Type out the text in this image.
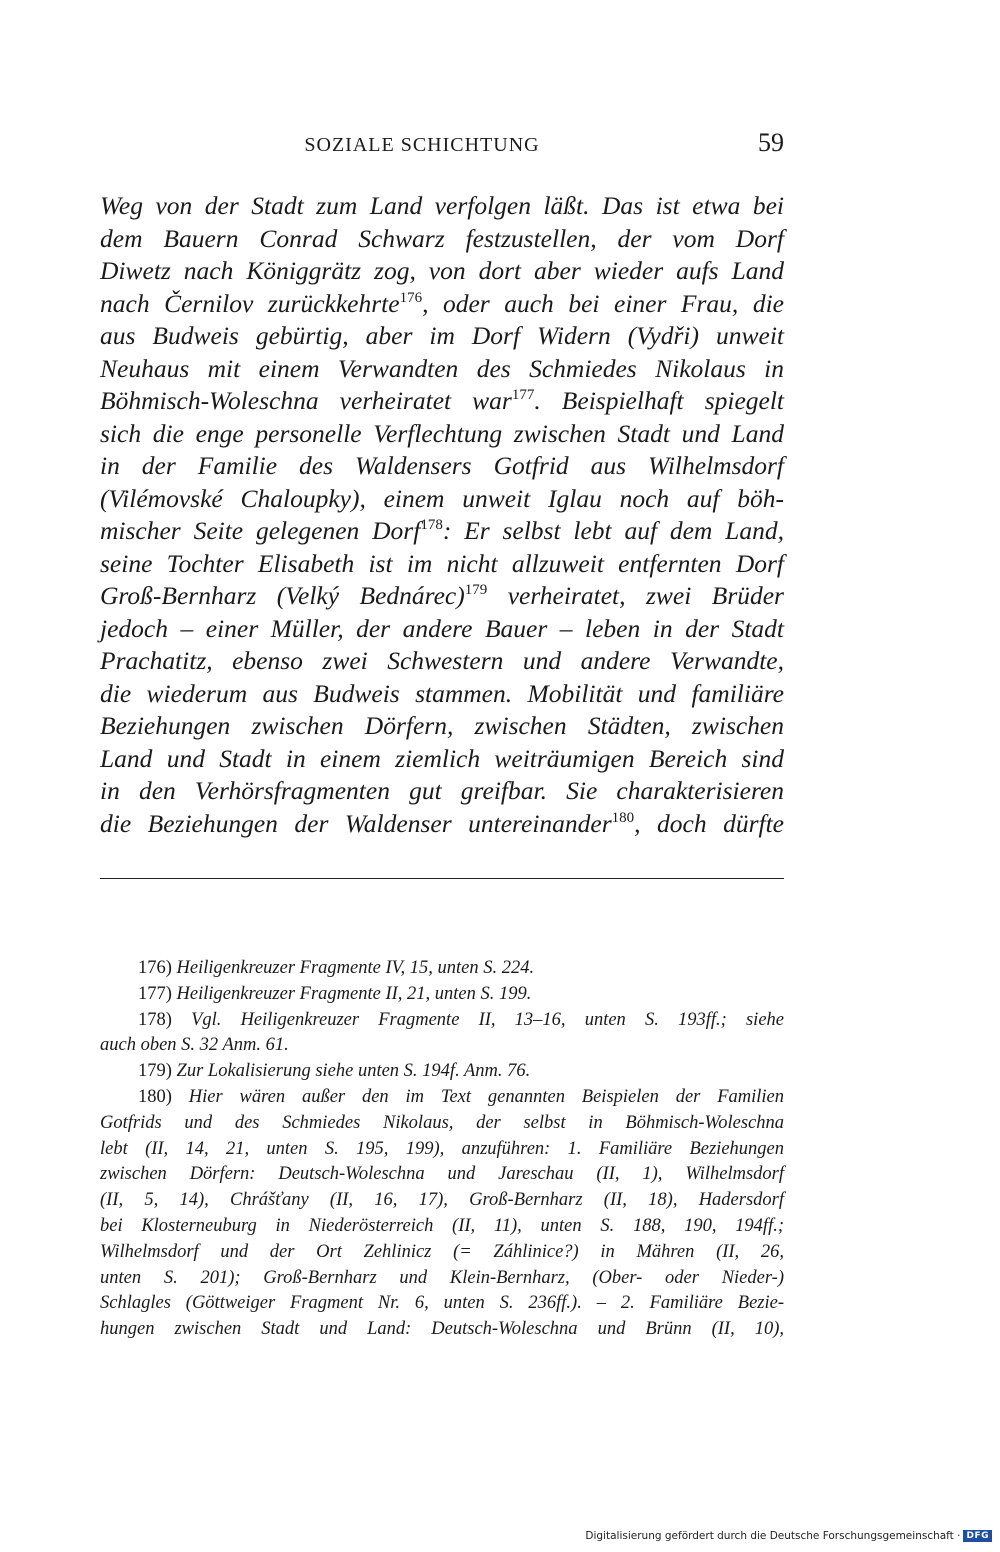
SOZIALE SCHICHTUNG	59
Weg von der Stadt zum Land verfolgen läßt. Das ist etwa bei
dem Bauern Conrad Schwarz festzustellen, der vom Dorf
Diwetz nach Königgrätz zog, von dort aber wieder aufs Land
nach Černilov zurückkehrte$^{176}$, oder auch bei einer Frau, die
aus Budweis gebürtig, aber im Dorf Widern (Vydři) unweit
Neuhaus mit einem Verwandten des Schmiedes Nikolaus in
Böhmisch-Woleschna verheiratet war$^{177}$. Beispielhaft spiegelt
sich die enge personelle Verflechtung zwischen Stadt und Land
in der Familie des Waldensers Gotfrid aus Wilhelmsdorf
(Vilémovské Chaloupky), einem unweit Iglau noch auf böh-
mischer Seite gelegenen Dorf$^{178}$: Er selbst lebt auf dem Land,
seine Tochter Elisabeth ist im nicht allzuweit entfernten Dorf
Groß-Bernharz (Velký Bednárec)$^{179}$ verheiratet, zwei Brüder
jedoch – einer Müller, der andere Bauer – leben in der Stadt
Prachatitz, ebenso zwei Schwestern und andere Verwandte,
die wiederum aus Budweis stammen. Mobilität und familiäre
Beziehungen zwischen Dörfern, zwischen Städten, zwischen
Land und Stadt in einem ziemlich weiträumigen Bereich sind
in den Verhörsfragmenten gut greifbar. Sie charakterisieren
die Beziehungen der Waldenser untereinander$^{180}$, doch dürfte
176) Heiligenkreuzer Fragmente IV, 15, unten S. 224.
177) Heiligenkreuzer Fragmente II, 21, unten S. 199.
178) Vgl. Heiligenkreuzer Fragmente II, 13–16, unten S. 193ff.; siehe
auch oben S. 32 Anm. 61.
179) Zur Lokalisierung siehe unten S. 194f. Anm. 76.
180) Hier wären außer den im Text genannten Beispielen der Familien
Gotfrids und des Schmiedes Nikolaus, der selbst in Böhmisch-Woleschna
lebt (II, 14, 21, unten S. 195, 199), anzuführen: 1. Familiäre Beziehungen
zwischen Dörfern: Deutsch-Woleschna und Jareschau (II, 1), Wilhelmsdorf
(II, 5, 14), Chrášťany (II, 16, 17), Groß-Bernharz (II, 18), Hadersdorf
bei Klosterneuburg in Niederösterreich (II, 11), unten S. 188, 190, 194ff.;
Wilhelmsdorf und der Ort Zehlinicz (= Záhlinice?) in Mähren (II, 26,
unten S. 201); Groß-Bernharz und Klein-Bernharz, (Ober- oder Nieder-)
Schlagles (Göttweiger Fragment Nr. 6, unten S. 236ff.). – 2. Familiäre Bezie-
hungen zwischen Stadt und Land: Deutsch-Woleschna und Brünn (II, 10),
Digitalisierung gefördert durch die Deutsche Forschungsgemeinschaft · DFG
